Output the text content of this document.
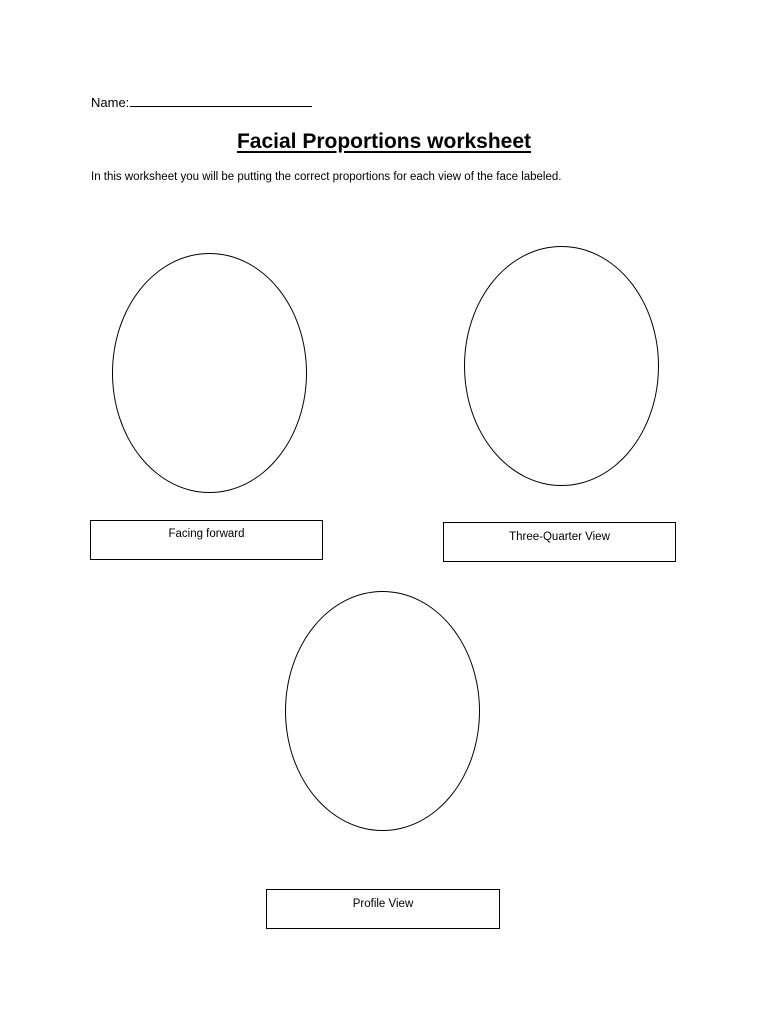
Name:
Facial Proportions worksheet
In this worksheet you will be putting the correct proportions for each view of the face labeled.
Facing forward	Three-Quarter View
Profile View
